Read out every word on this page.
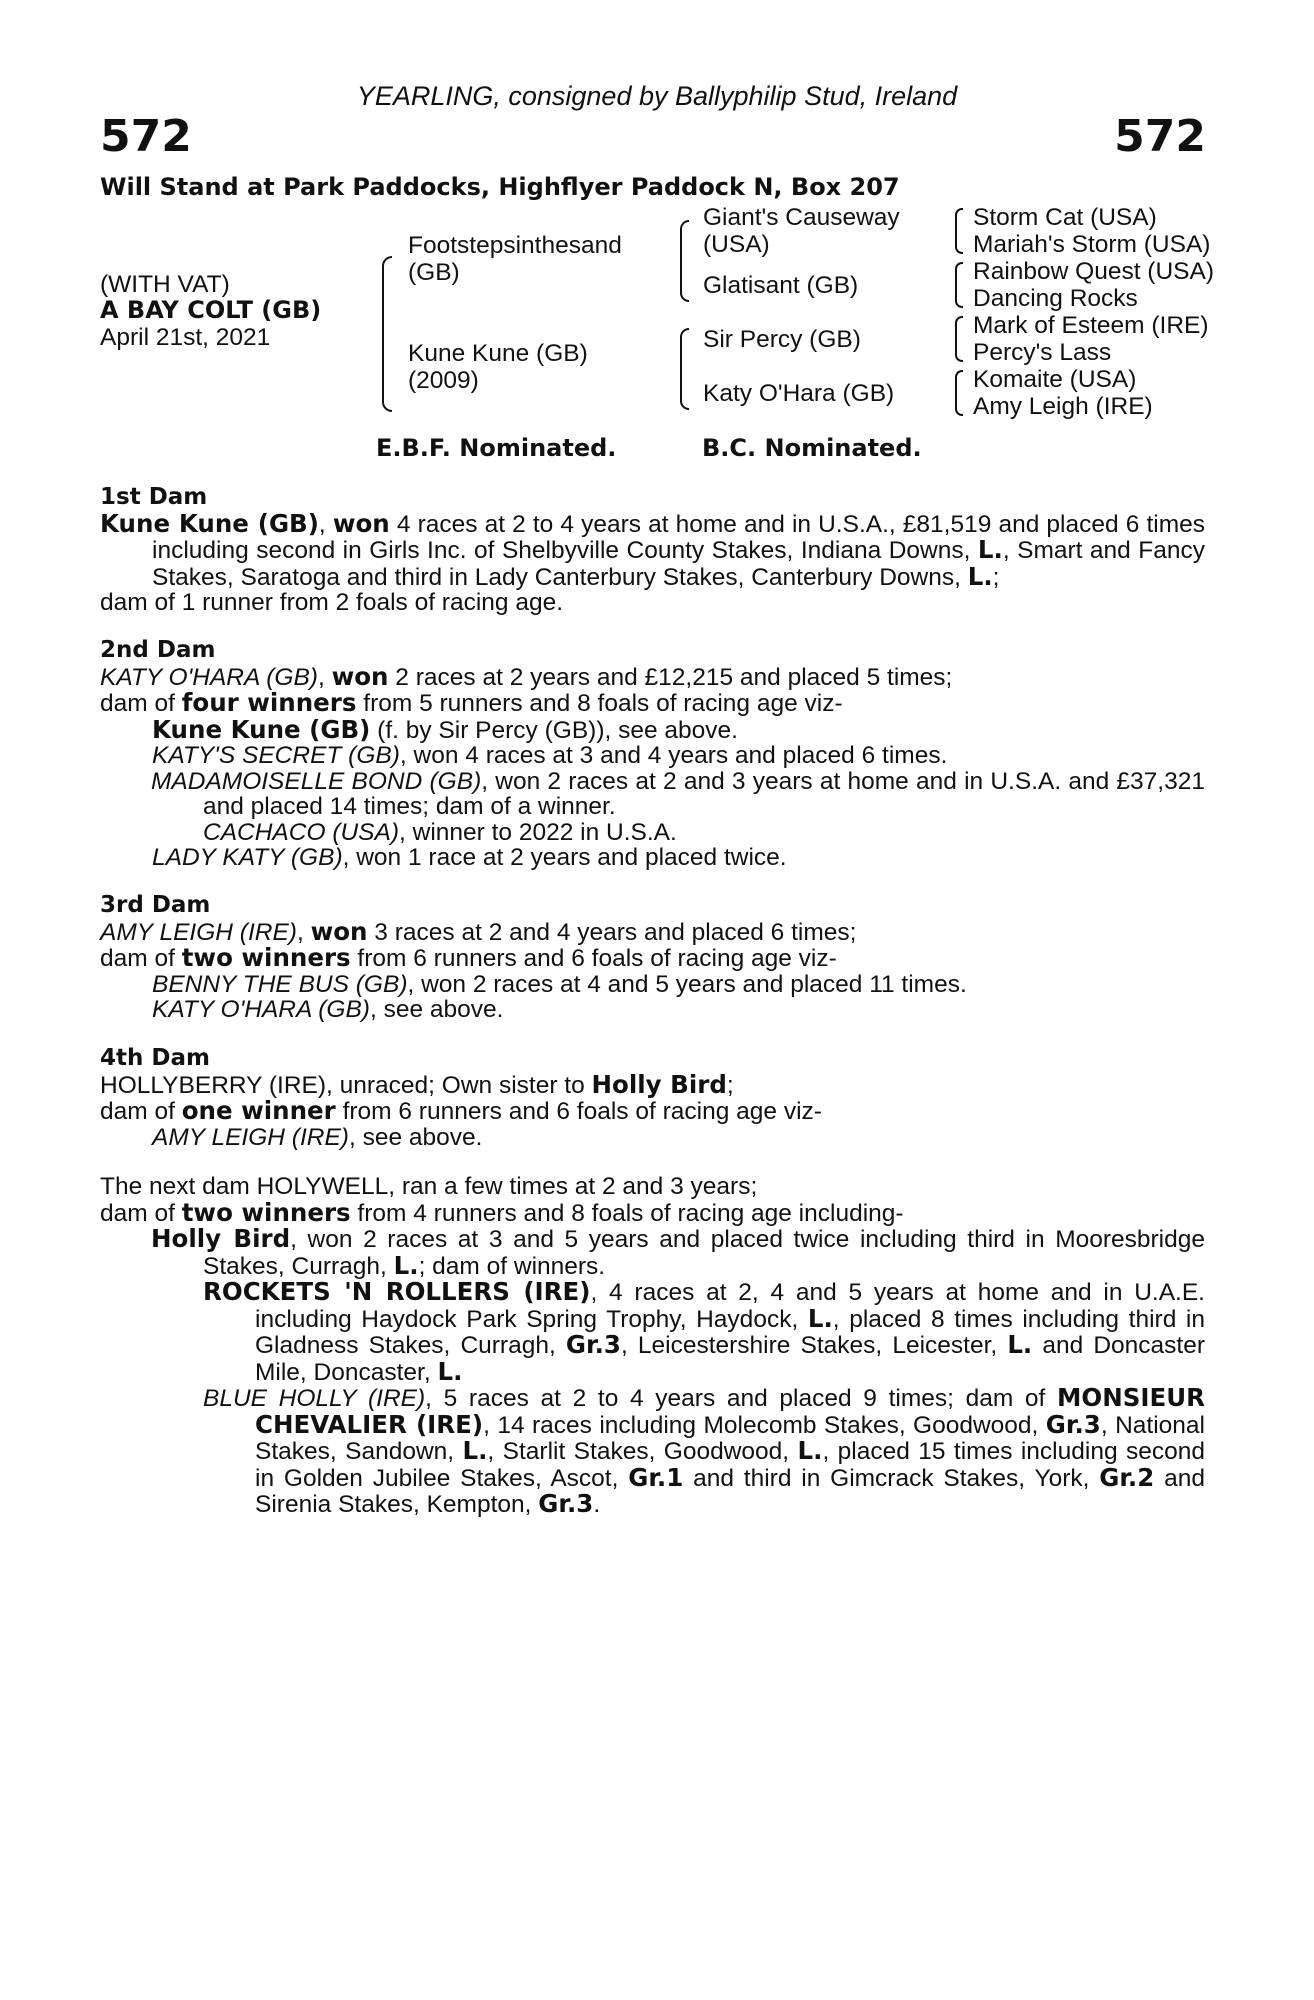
YEARLING, consigned by Ballyphilip Stud, Ireland
572	572
Will Stand at Park Paddocks, Highflyer Paddock N, Box 207
(WITH VAT)
A BAY COLT (GB)
April 21st, 2021
Footstepsinthesand (GB)
Kune Kune (GB) (2009)
Giant's Causeway (USA)
Glatisant (GB)
Sir Percy (GB)
Katy O'Hara (GB)
Storm Cat (USA)
Mariah's Storm (USA)
Rainbow Quest (USA)
Dancing Rocks
Mark of Esteem (IRE)
Percy's Lass
Komaite (USA)
Amy Leigh (IRE)
E.B.F. Nominated.	B.C. Nominated.

1st Dam

Kune Kune (GB), won 4 races at 2 to 4 years at home and in U.S.A., £81,519 and placed 6 times including second in Girls Inc. of Shelbyville County Stakes, Indiana Downs, L., Smart and Fancy Stakes, Saratoga and third in Lady Canterbury Stakes, Canterbury Downs, L.;

dam of 1 runner from 2 foals of racing age.

2nd Dam

KATY O'HARA (GB), won 2 races at 2 years and £12,215 and placed 5 times;

dam of four winners from 5 runners and 8 foals of racing age viz-

Kune Kune (GB) (f. by Sir Percy (GB)), see above.

KATY'S SECRET (GB), won 4 races at 3 and 4 years and placed 6 times.

MADAMOISELLE BOND (GB), won 2 races at 2 and 3 years at home and in U.S.A. and £37,321 and placed 14 times; dam of a winner.

CACHACO (USA), winner to 2022 in U.S.A.

LADY KATY (GB), won 1 race at 2 years and placed twice.

3rd Dam

AMY LEIGH (IRE), won 3 races at 2 and 4 years and placed 6 times;

dam of two winners from 6 runners and 6 foals of racing age viz-

BENNY THE BUS (GB), won 2 races at 4 and 5 years and placed 11 times.

KATY O'HARA (GB), see above.

4th Dam

HOLLYBERRY (IRE), unraced; Own sister to Holly Bird;

dam of one winner from 6 runners and 6 foals of racing age viz-

AMY LEIGH (IRE), see above.

The next dam HOLYWELL, ran a few times at 2 and 3 years;

dam of two winners from 4 runners and 8 foals of racing age including-

Holly Bird, won 2 races at 3 and 5 years and placed twice including third in Mooresbridge Stakes, Curragh, L.; dam of winners.

ROCKETS 'N ROLLERS (IRE), 4 races at 2, 4 and 5 years at home and in U.A.E. including Haydock Park Spring Trophy, Haydock, L., placed 8 times including third in Gladness Stakes, Curragh, Gr.3, Leicestershire Stakes, Leicester, L. and Doncaster Mile, Doncaster, L.

BLUE HOLLY (IRE), 5 races at 2 to 4 years and placed 9 times; dam of MONSIEUR CHEVALIER (IRE), 14 races including Molecomb Stakes, Goodwood, Gr.3, National Stakes, Sandown, L., Starlit Stakes, Goodwood, L., placed 15 times including second in Golden Jubilee Stakes, Ascot, Gr.1 and third in Gimcrack Stakes, York, Gr.2 and Sirenia Stakes, Kempton, Gr.3.
